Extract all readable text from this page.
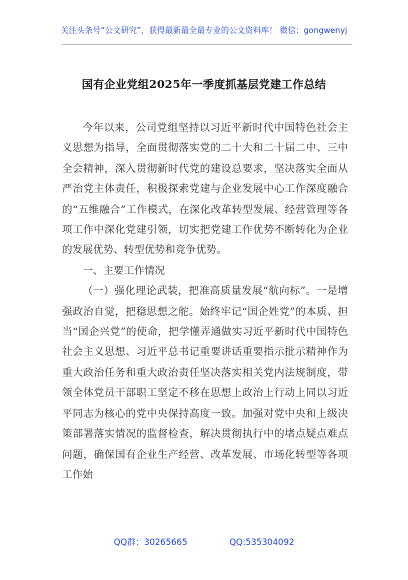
关注头条号“公文研究”，获得最新最全最专业的公文资料库！ 微信：gongwenyj
国有企业党组2025年一季度抓基层党建工作总结

今年以来，公司党组坚持以习近平新时代中国特色社会主义思想为指导，全面贯彻落实党的二十大和二十届二中、三中全会精神，深入贯彻新时代党的建设总要求，坚决落实全面从严治党主体责任，积极探索党建与企业发展中心工作深度融合的“五维融合”工作模式，在深化改革转型发展、经营管理等各项工作中深化党建引领，切实把党建工作优势不断转化为企业的发展优势、转型优势和竞争优势。

一、主要工作情况

（一）强化理论武装，把准高质量发展“航向标”。一是增强政治自觉，把稳思想之舵。始终牢记“国企姓党”的本质、担当“国企兴党”的使命，把学懂弄通做实习近平新时代中国特色社会主义思想、习近平总书记重要讲话重要指示批示精神作为重大政治任务和重大政治责任坚决落实相关党内法规制度，带领全体党员干部职工坚定不移在思想上政治上行动上同以习近平同志为核心的党中央保持高度一致。加强对党中央和上级决策部署落实情况的监督检查，解决贯彻执行中的堵点疑点难点问题，确保国有企业生产经营、改革发展、市场化转型等各项工作始

QQ群：30265665	QQ:535304092
